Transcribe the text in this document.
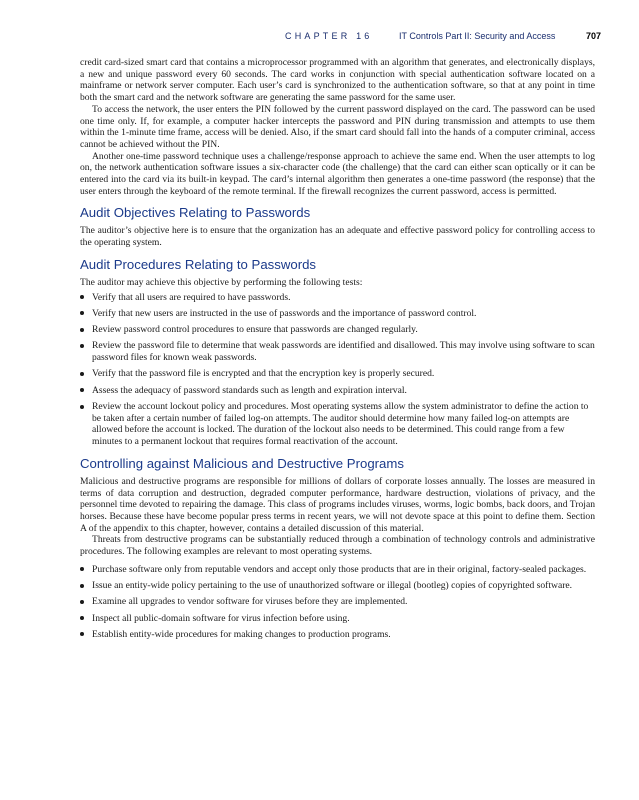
CHAPTER 16	IT Controls Part II: Security and Access	707

credit card-sized smart card that contains a microprocessor programmed with an algorithm that generates, and electronically displays, a new and unique password every 60 seconds. The card works in conjunction with special authentication software located on a mainframe or network server computer. Each user’s card is synchronized to the authentication software, so that at any point in time both the smart card and the network software are generating the same password for the same user.

To access the network, the user enters the PIN followed by the current password displayed on the card. The password can be used one time only. If, for example, a computer hacker intercepts the password and PIN during transmission and attempts to use them within the 1-minute time frame, access will be denied. Also, if the smart card should fall into the hands of a computer criminal, access cannot be achieved without the PIN.

Another one-time password technique uses a challenge/response approach to achieve the same end. When the user attempts to log on, the network authentication software issues a six-character code (the challenge) that the card can either scan optically or it can be entered into the card via its built-in keypad. The card’s internal algorithm then generates a one-time password (the response) that the user enters through the keyboard of the remote terminal. If the firewall recognizes the current password, access is permitted.

Audit Objectives Relating to Passwords

The auditor’s objective here is to ensure that the organization has an adequate and effective password policy for controlling access to the operating system.

Audit Procedures Relating to Passwords

The auditor may achieve this objective by performing the following tests:

Verify that all users are required to have passwords.
Verify that new users are instructed in the use of passwords and the importance of password control.
Review password control procedures to ensure that passwords are changed regularly.
Review the password file to determine that weak passwords are identified and disallowed. This may involve using software to scan password files for known weak passwords.
Verify that the password file is encrypted and that the encryption key is properly secured.
Assess the adequacy of password standards such as length and expiration interval.
Review the account lockout policy and procedures. Most operating systems allow the system administrator to define the action to be taken after a certain number of failed log-on attempts. The auditor should determine how many failed log-on attempts are allowed before the account is locked. The duration of the lockout also needs to be determined. This could range from a few minutes to a permanent lockout that requires formal reactivation of the account.
Controlling against Malicious and Destructive Programs

Malicious and destructive programs are responsible for millions of dollars of corporate losses annually. The losses are measured in terms of data corruption and destruction, degraded computer performance, hardware destruction, violations of privacy, and the personnel time devoted to repairing the damage. This class of programs includes viruses, worms, logic bombs, back doors, and Trojan horses. Because these have become popular press terms in recent years, we will not devote space at this point to define them. Section A of the appendix to this chapter, however, contains a detailed discussion of this material.

Threats from destructive programs can be substantially reduced through a combination of technology controls and administrative procedures. The following examples are relevant to most operating systems.

Purchase software only from reputable vendors and accept only those products that are in their original, factory-sealed packages.
Issue an entity-wide policy pertaining to the use of unauthorized software or illegal (bootleg) copies of copyrighted software.
Examine all upgrades to vendor software for viruses before they are implemented.
Inspect all public-domain software for virus infection before using.
Establish entity-wide procedures for making changes to production programs.
